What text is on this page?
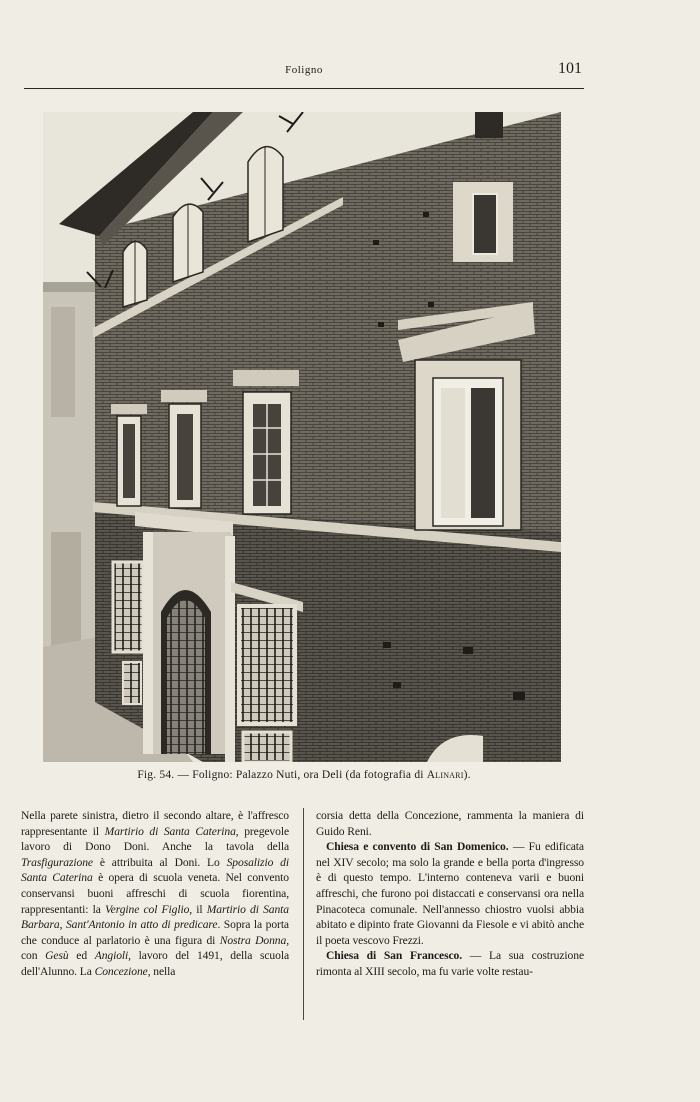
Foligno	101
Fig. 54. — Foligno: Palazzo Nuti, ora Deli (da fotografia di Alinari).

Nella parete sinistra, dietro il secondo altare, è l'affresco rappresentante il Martirio di Santa Caterina, pregevole lavoro di Dono Doni. Anche la tavola della Trasfigurazione è attribuita al Doni. Lo Sposalizio di Santa Caterina è opera di scuola veneta. Nel convento conservansi buoni affreschi di scuola fiorentina, rappresentanti: la Vergine col Figlio, il Martirio di Santa Barbara, Sant'Antonio in atto di predicare. Sopra la porta che conduce al parlatorio è una figura di Nostra Donna, con Gesù ed Angioli, lavoro del 1491, della scuola dell'Alunno. La Concezione, nella

corsia detta della Concezione, rammenta la maniera di Guido Reni.

Chiesa e convento di San Domenico. — Fu edificata nel XIV secolo; ma solo la grande e bella porta d'ingresso è di questo tempo. L'interno conteneva varii e buoni affreschi, che furono poi distaccati e conservansi ora nella Pinacoteca comunale. Nell'annesso chiostro vuolsi abbia abitato e dipinto frate Giovanni da Fiesole e vi abitò anche il poeta vescovo Frezzi.

Chiesa di San Francesco. — La sua costruzione rimonta al XIII secolo, ma fu varie volte restau-
